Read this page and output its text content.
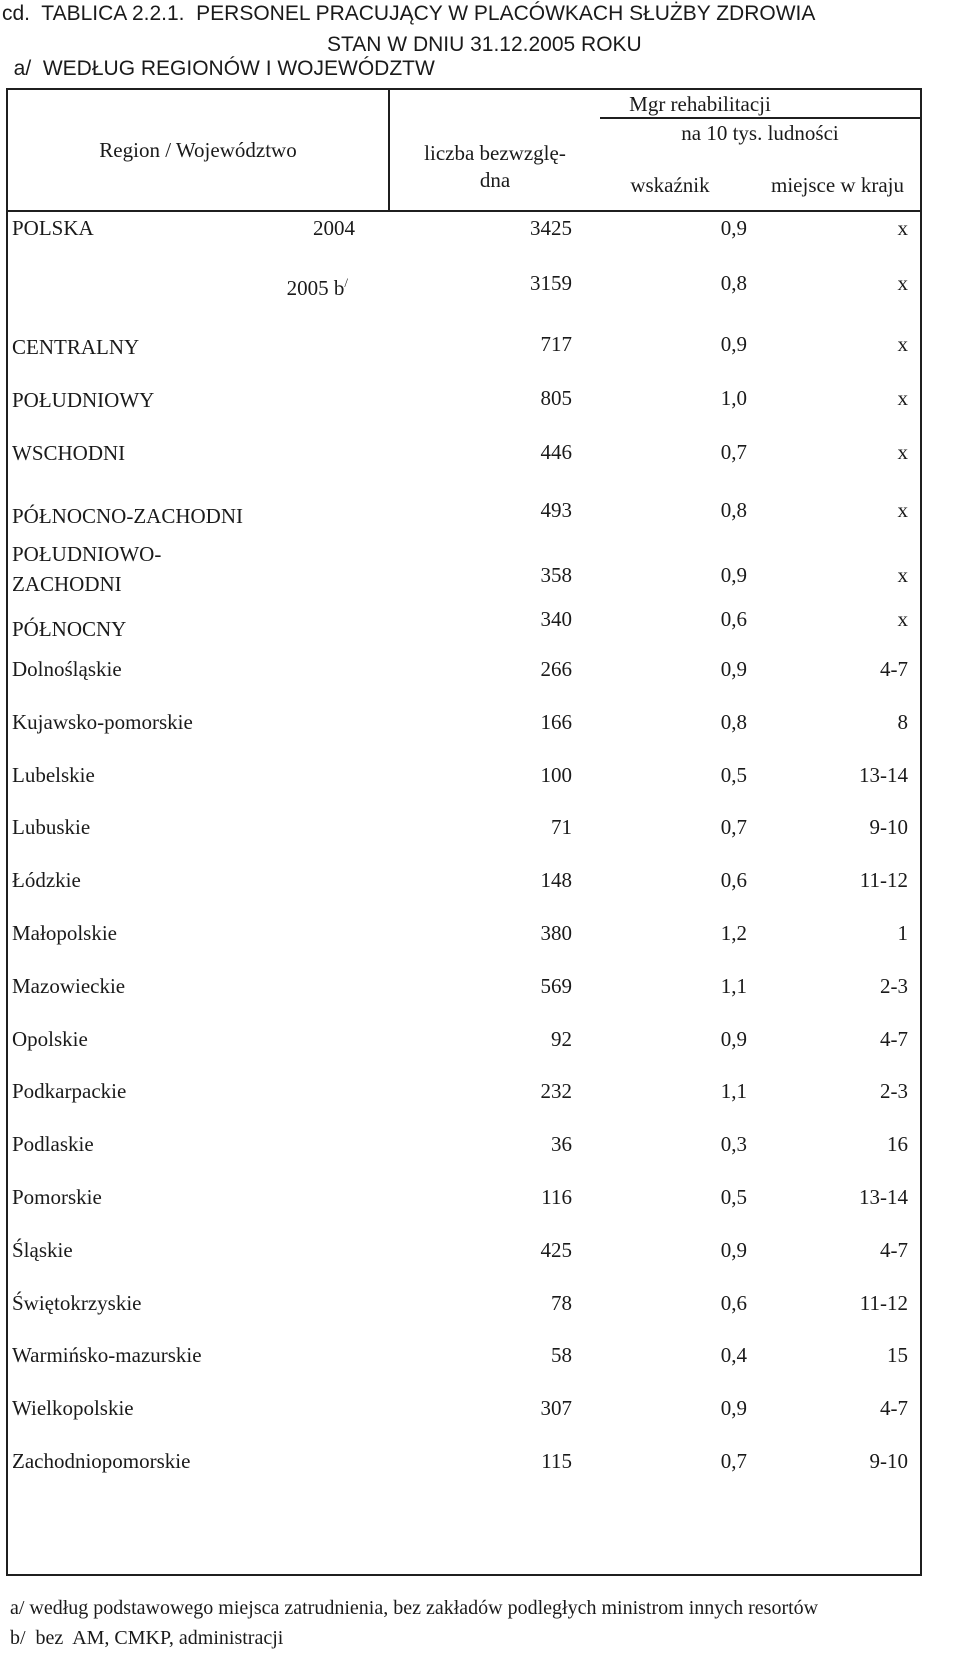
cd.  TABLICA 2.2.1.  PERSONEL PRACUJĄCY W PLACÓWKACH SŁUŻBY ZDROWIA

a/  WEDŁUG REGIONÓW I WOJEWÓDZTW

STAN W DNIU 31.12.2005 ROKU

Region / Województwo	liczba bezwzglę-
dna
Mgr rehabilitacji
na 10 tys. ludności
wskaźnik	miejsce w kraju
POLSKA	2004	3425	0,9	x
2005 b/	3159	0,8	x
CENTRALNY	717	0,9	x
POŁUDNIOWY	805	1,0	x
WSCHODNI	446	0,7	x
PÓŁNOCNO-ZACHODNI	493	0,8	x
POŁUDNIOWO-
ZACHODNI	358	0,9	x
PÓŁNOCNY	340	0,6	x
Dolnośląskie	266	0,9	4-7
Kujawsko-pomorskie	166	0,8	8
Lubelskie	100	0,5	13-14
Lubuskie	71	0,7	9-10
Łódzkie	148	0,6	11-12
Małopolskie	380	1,2	1
Mazowieckie	569	1,1	2-3
Opolskie	92	0,9	4-7
Podkarpackie	232	1,1	2-3
Podlaskie	36	0,3	16
Pomorskie	116	0,5	13-14
Śląskie	425	0,9	4-7
Świętokrzyskie	78	0,6	11-12
Warmińsko-mazurskie	58	0,4	15
Wielkopolskie	307	0,9	4-7
Zachodniopomorskie	115	0,7	9-10
a/ według podstawowego miejsca zatrudnienia, bez zakładów podległych ministrom innych resortów
b/  bez  AM, CMKP, administracji
